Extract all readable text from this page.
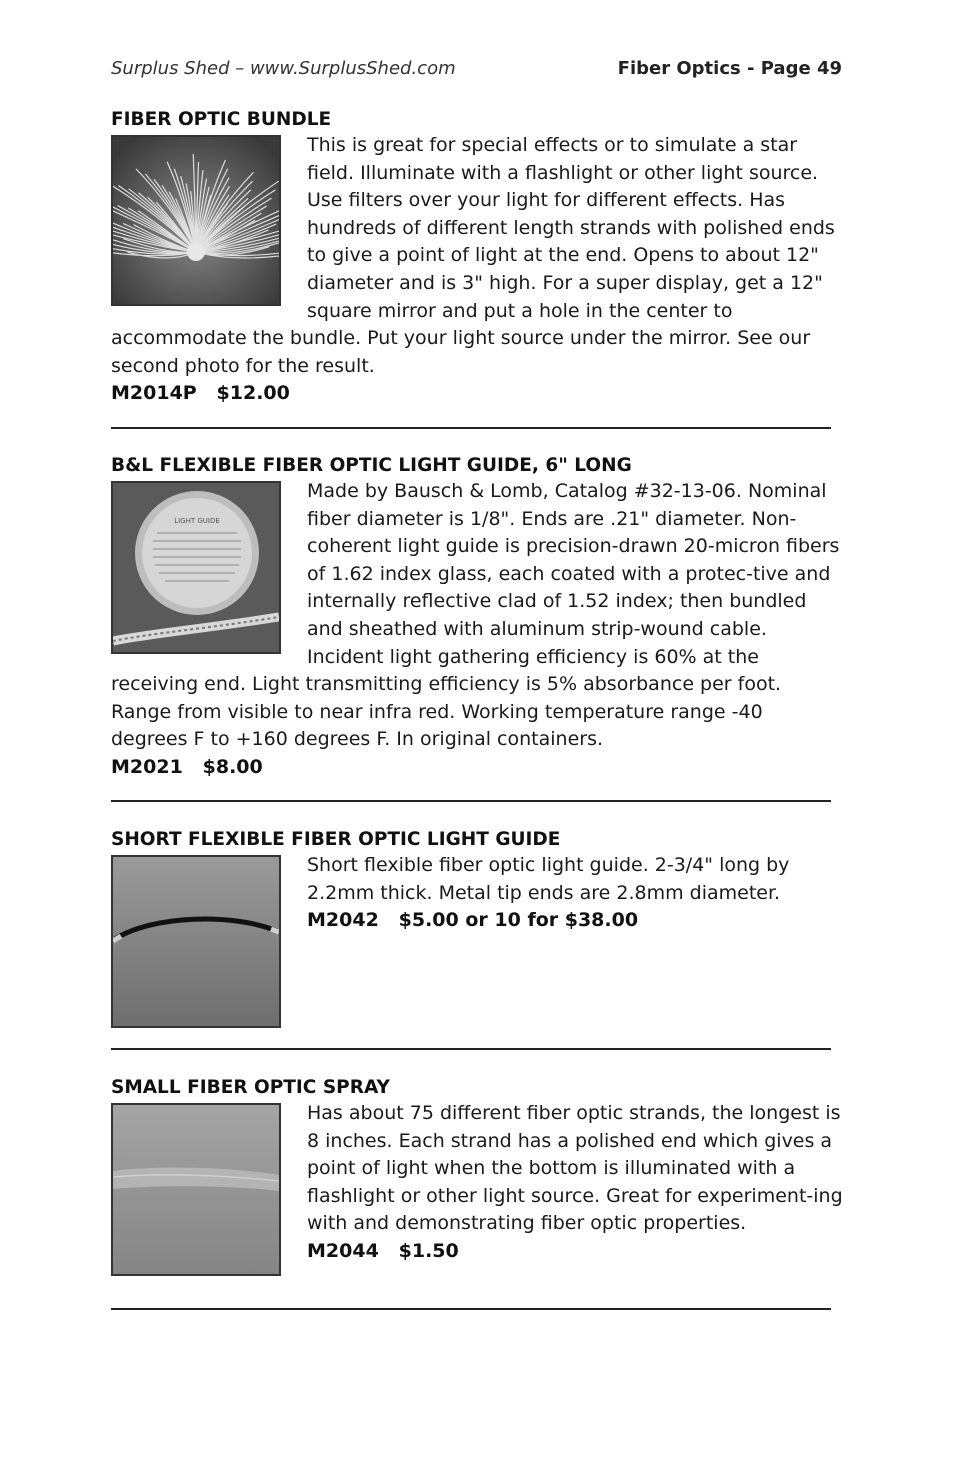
Surplus Shed – www.SurplusShed.com	Fiber Optics - Page 49
FIBER OPTIC BUNDLE

This is great for special effects or to simulate a star field. Illuminate with a flashlight or other light source. Use filters over your light for different effects. Has hundreds of different length strands with polished ends to give a point of light at the end. Opens to about 12" diameter and is 3" high. For a super display, get a 12" square mirror and put a hole in the center to accommodate the bundle. Put your light source under the mirror. See our second photo for the result.

M2014P   $12.00

B&L FLEXIBLE FIBER OPTIC LIGHT GUIDE, 6" LONG
LIGHT GUIDE

Made by Bausch & Lomb, Catalog #32-13-06. Nominal fiber diameter is 1/8". Ends are .21" diameter. Non-coherent light guide is precision-drawn 20-micron fibers of 1.62 index glass, each coated with a protec-tive and internally reflective clad of 1.52 index; then bundled and sheathed with aluminum strip-wound cable. Incident light gathering efficiency is 60% at the receiving end. Light transmitting efficiency is 5% absorbance per foot. Range from visible to near infra red. Working temperature range -40 degrees F to +160 degrees F. In original containers.

M2021   $8.00

SHORT FLEXIBLE FIBER OPTIC LIGHT GUIDE

Short flexible fiber optic light guide. 2-3/4" long by 2.2mm thick. Metal tip ends are 2.8mm diameter.

M2042   $5.00 or 10 for $38.00

SMALL FIBER OPTIC SPRAY

Has about 75 different fiber optic strands, the longest is 8 inches. Each strand has a polished end which gives a point of light when the bottom is illuminated with a flashlight or other light source. Great for experiment-ing with and demonstrating fiber optic properties.

M2044   $1.50
